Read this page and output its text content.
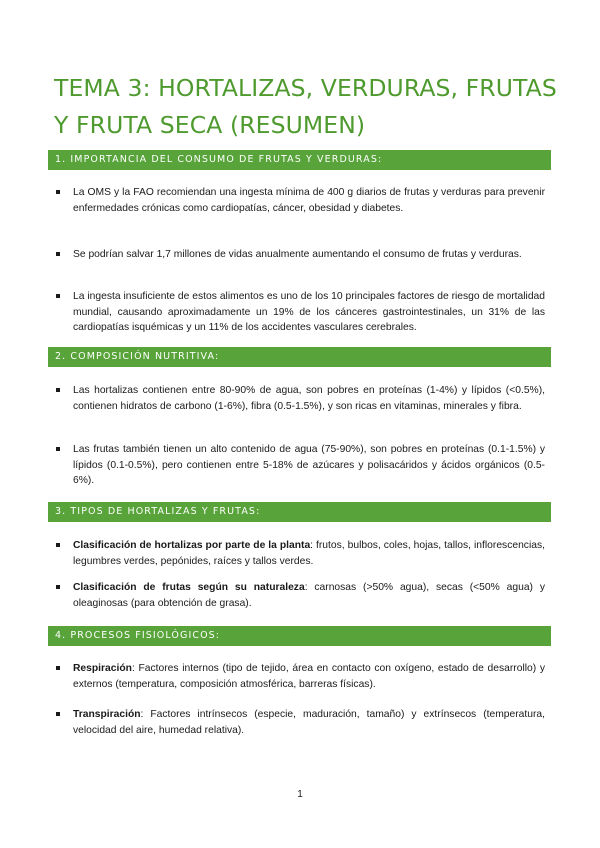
TEMA 3: HORTALIZAS, VERDURAS, FRUTAS
Y FRUTA SECA (RESUMEN)
1. IMPORTANCIA DEL CONSUMO DE FRUTAS Y VERDURAS:
La OMS y la FAO recomiendan una ingesta mínima de 400 g diarios de frutas y verduras para prevenir enfermedades crónicas como cardiopatías, cáncer, obesidad y diabetes.
Se podrían salvar 1,7 millones de vidas anualmente aumentando el consumo de frutas y verduras.
La ingesta insuficiente de estos alimentos es uno de los 10 principales factores de riesgo de mortalidad mundial, causando aproximadamente un 19% de los cánceres gastrointestinales, un 31% de las cardiopatías isquémicas y un 11% de los accidentes vasculares cerebrales.
2. COMPOSICIÓN NUTRITIVA:
Las hortalizas contienen entre 80-90% de agua, son pobres en proteínas (1-4%) y lípidos (<0.5%), contienen hidratos de carbono (1-6%), fibra (0.5-1.5%), y son ricas en vitaminas, minerales y fibra.
Las frutas también tienen un alto contenido de agua (75-90%), son pobres en proteínas (0.1-1.5%) y lípidos (0.1-0.5%), pero contienen entre 5-18% de azúcares y polisacáridos y ácidos orgánicos (0.5-6%).
3. TIPOS DE HORTALIZAS Y FRUTAS:
Clasificación de hortalizas por parte de la planta: frutos, bulbos, coles, hojas, tallos, inflorescencias, legumbres verdes, pepónides, raíces y tallos verdes.
Clasificación de frutas según su naturaleza: carnosas (>50% agua), secas (<50% agua) y oleaginosas (para obtención de grasa).
4. PROCESOS FISIOLÓGICOS:
Respiración: Factores internos (tipo de tejido, área en contacto con oxígeno, estado de desarrollo) y externos (temperatura, composición atmosférica, barreras físicas).
Transpiración: Factores intrínsecos (especie, maduración, tamaño) y extrínsecos (temperatura, velocidad del aire, humedad relativa).
1
